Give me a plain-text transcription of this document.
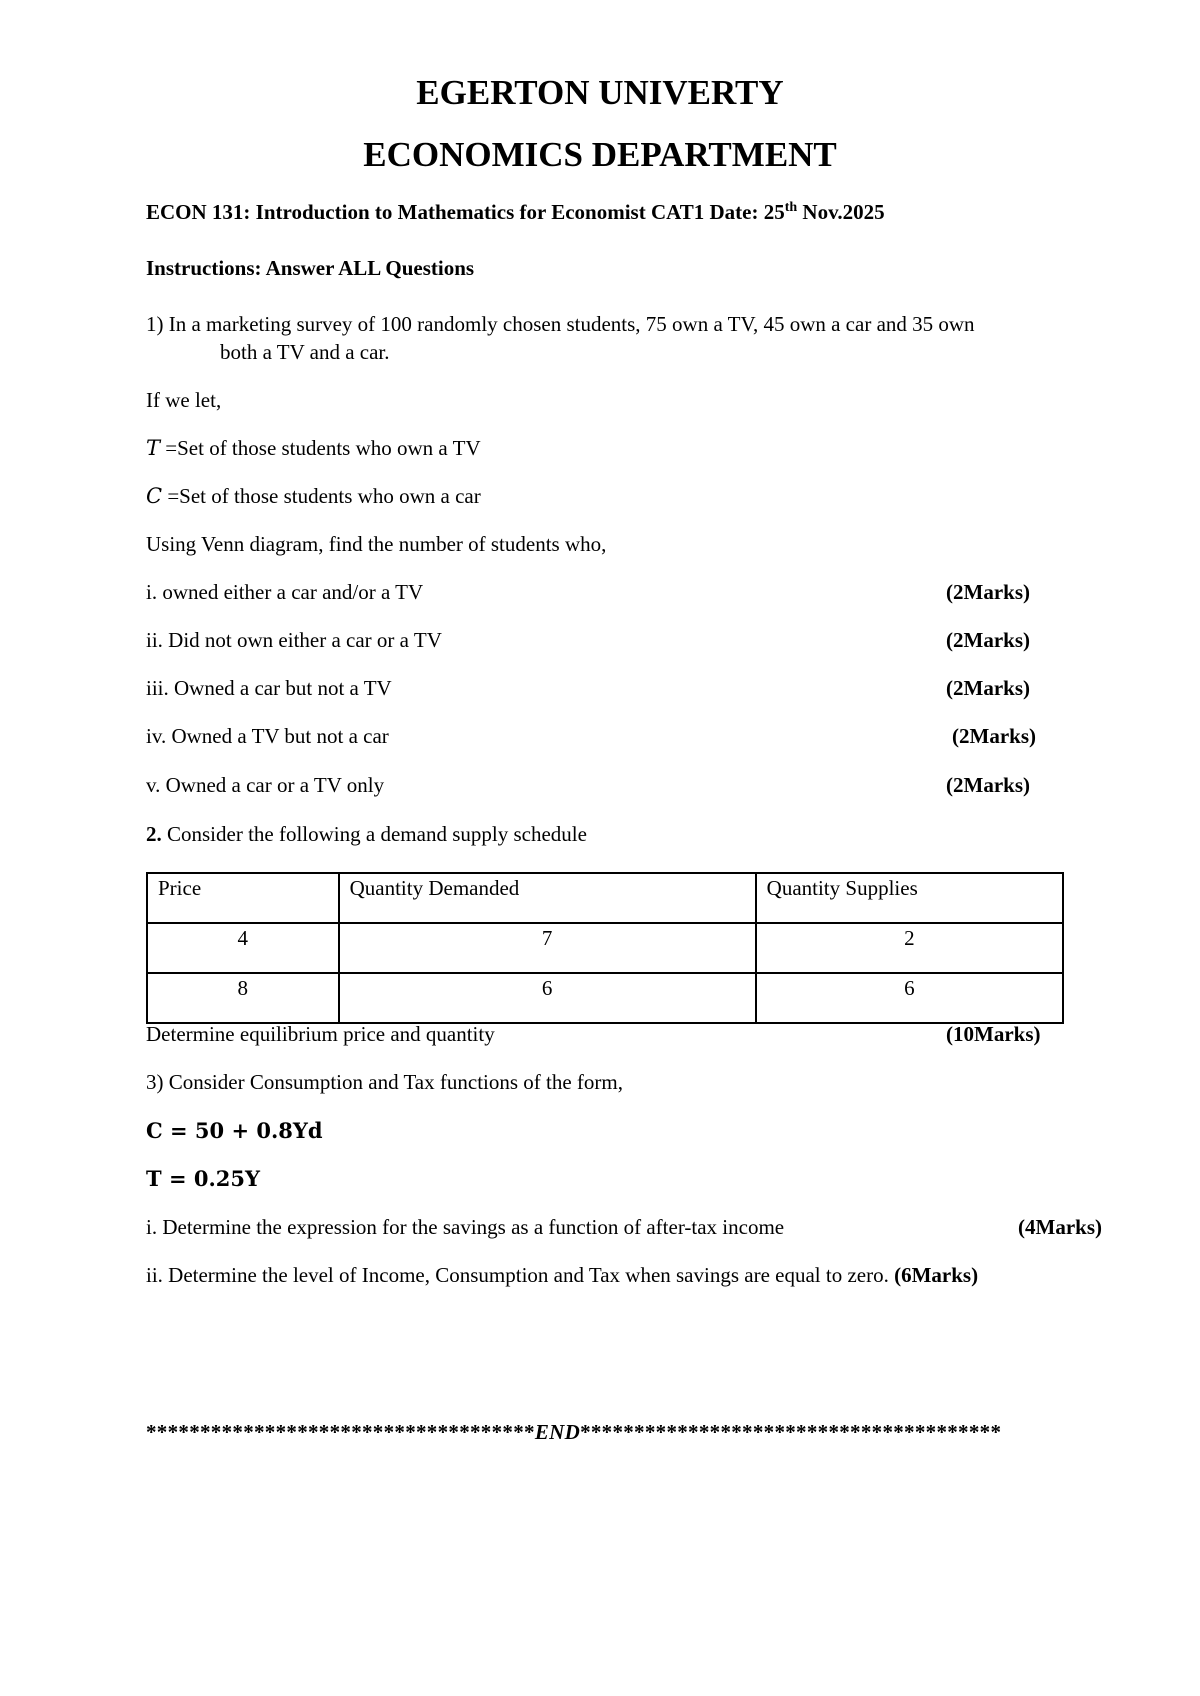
EGERTON UNIVERTY
ECONOMICS DEPARTMENT

ECON 131: Introduction to Mathematics for Economist CAT1 Date: 25th Nov.2025

Instructions: Answer ALL Questions

1) In a marketing survey of 100 randomly chosen students, 75 own a TV, 45 own a car and 35 own

both a TV and a car.

If we let,

T =Set of those students who own a TV

C =Set of those students who own a car

Using Venn diagram, find the number of students who,

i. owned either a car and/or a TV	(2Marks)

ii. Did not own either a car or a TV	(2Marks)

iii. Owned a car but not a TV	(2Marks)

iv. Owned a TV but not a car	(2Marks)

v. Owned a car or a TV only	(2Marks)

2. Consider the following a demand supply schedule

Price	Quantity Demanded	Quantity Supplies
4	7	2
8	6	6

Determine equilibrium price and quantity	(10Marks)

3) Consider Consumption and Tax functions of the form,

C = 50 + 0.8Yd

T = 0.25Y

i. Determine the expression for the savings as a function of after-tax income	(4Marks)

ii. Determine the level of Income, Consumption and Tax when savings are equal to zero. (6Marks)

************************************END***************************************
